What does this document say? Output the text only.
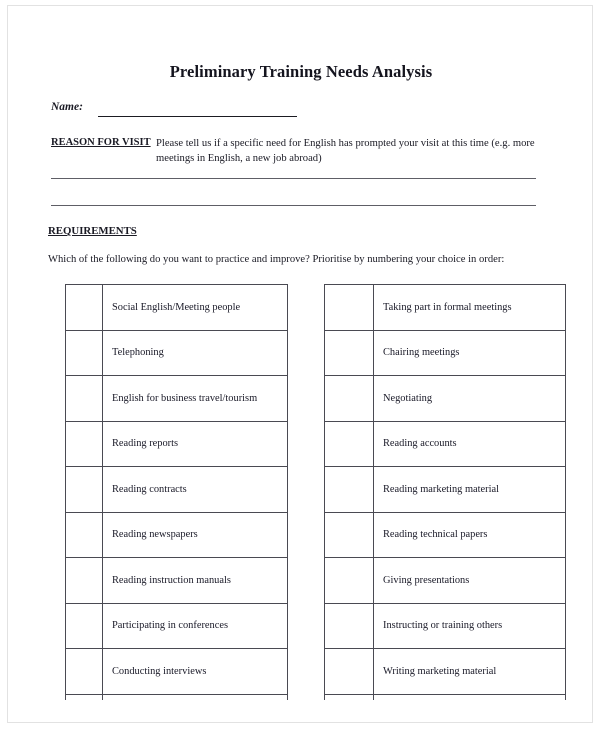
Preliminary Training Needs Analysis
Name:
REASON FOR VISIT Please tell us if a specific need for English has prompted your visit at this time (e.g. more meetings in English, a new job abroad)
REQUIREMENTS
Which of the following do you want to practice and improve? Prioritise by numbering your choice in order:
	Social English/Meeting people
	Telephoning
	English for business travel/tourism
	Reading reports
	Reading contracts
	Reading newspapers
	Reading instruction manuals
	Participating in conferences
	Conducting interviews

	Taking part in formal meetings
	Chairing meetings
	Negotiating
	Reading accounts
	Reading marketing material
	Reading technical papers
	Giving presentations
	Instructing or training others
	Writing marketing material
